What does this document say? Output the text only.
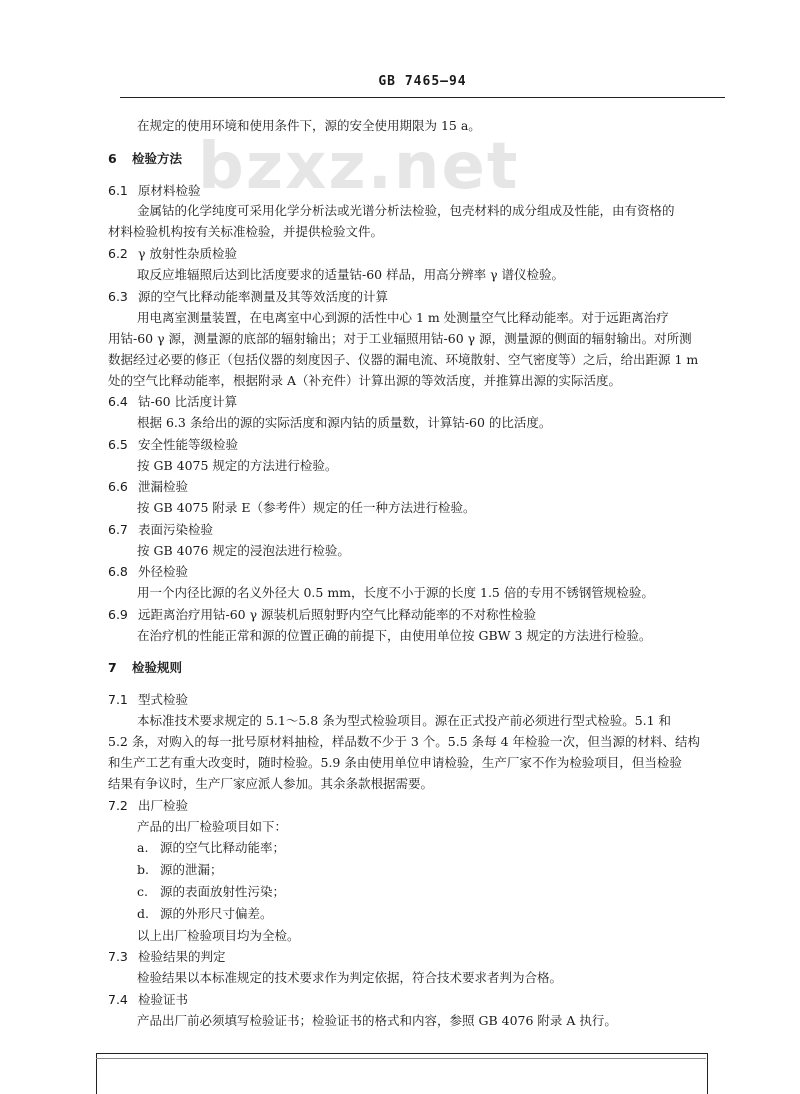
bzxz.net
GB 7465—94
在规定的使用环境和使用条件下，源的安全使用期限为 15 a。
6 检验方法
6.1 原材料检验
金属钴的化学纯度可采用化学分析法或光谱分析法检验，包壳材料的成分组成及性能，由有资格的
材料检验机构按有关标准检验，并提供检验文件。
6.2 γ 放射性杂质检验
取反应堆辐照后达到比活度要求的适量钴-60 样品，用高分辨率 γ 谱仪检验。
6.3 源的空气比释动能率测量及其等效活度的计算
用电离室测量装置，在电离室中心到源的活性中心 1 m 处测量空气比释动能率。对于远距离治疗
用钴-60 γ 源，测量源的底部的辐射输出；对于工业辐照用钴-60 γ 源，测量源的侧面的辐射输出。对所测
数据经过必要的修正（包括仪器的刻度因子、仪器的漏电流、环境散射、空气密度等）之后，给出距源 1 m
处的空气比释动能率，根据附录 A（补充件）计算出源的等效活度，并推算出源的实际活度。
6.4 钴-60 比活度计算
根据 6.3 条给出的源的实际活度和源内钴的质量数，计算钴-60 的比活度。
6.5 安全性能等级检验
按 GB 4075 规定的方法进行检验。
6.6 泄漏检验
按 GB 4075 附录 E（参考件）规定的任一种方法进行检验。
6.7 表面污染检验
按 GB 4076 规定的浸泡法进行检验。
6.8 外径检验
用一个内径比源的名义外径大 0.5 mm，长度不小于源的长度 1.5 倍的专用不锈钢管规检验。
6.9 远距离治疗用钴-60 γ 源装机后照射野内空气比释动能率的不对称性检验
在治疗机的性能正常和源的位置正确的前提下，由使用单位按 GBW 3 规定的方法进行检验。
7 检验规则
7.1 型式检验
本标准技术要求规定的 5.1～5.8 条为型式检验项目。源在正式投产前必须进行型式检验。5.1 和
5.2 条，对购入的每一批号原材料抽检，样品数不少于 3 个。5.5 条每 4 年检验一次，但当源的材料、结构
和生产工艺有重大改变时，随时检验。5.9 条由使用单位申请检验，生产厂家不作为检验项目，但当检验
结果有争议时，生产厂家应派人参加。其余条款根据需要。
7.2 出厂检验
产品的出厂检验项目如下：
a. 源的空气比释动能率；
b. 源的泄漏；
c. 源的表面放射性污染；
d. 源的外形尺寸偏差。
以上出厂检验项目均为全检。
7.3 检验结果的判定
检验结果以本标准规定的技术要求作为判定依据，符合技术要求者判为合格。
7.4 检验证书
产品出厂前必须填写检验证书；检验证书的格式和内容，参照 GB 4076 附录 A 执行。
